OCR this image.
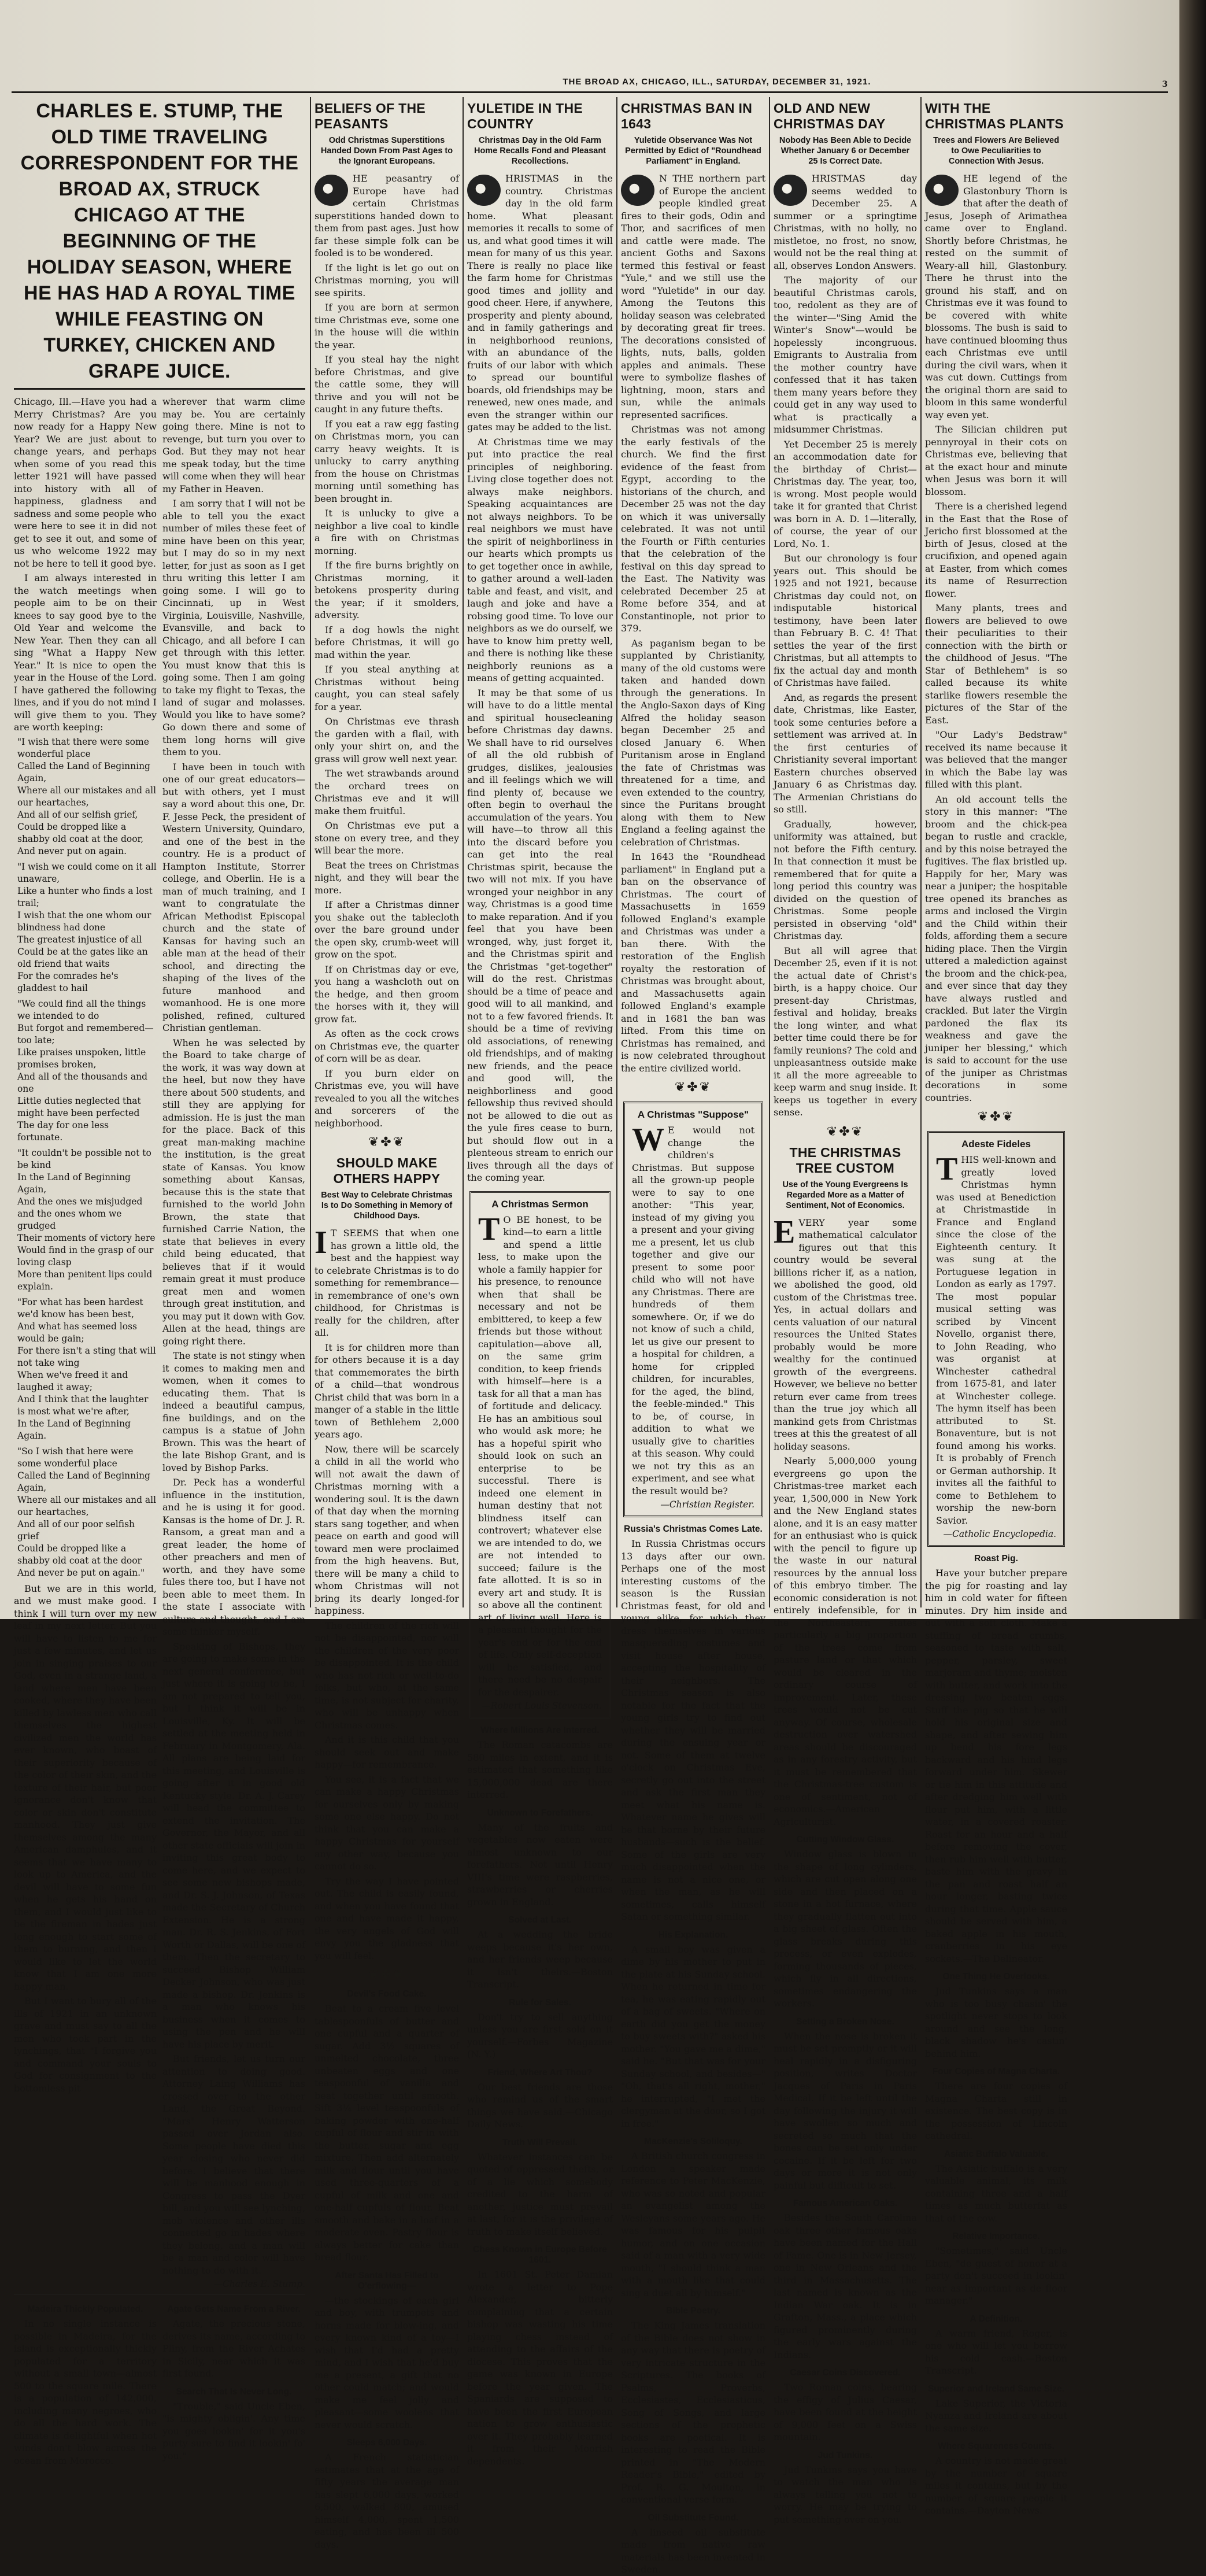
THE BROAD AX, CHICAGO, ILL., SATURDAY, DECEMBER 31, 1921.	3
CHARLES E. STUMP, THE OLD TIME TRAVELING CORRESPONDENT FOR THE BROAD AX, STRUCK CHICAGO AT THE BEGINNING OF THE HOLIDAY SEASON, WHERE HE HAS HAD A ROYAL TIME WHILE FEASTING ON TURKEY, CHICKEN AND GRAPE JUICE.

Chicago, Ill.—Have you had a Merry Christmas? Are you now ready for a Happy New Year? We are just about to change years, and perhaps when some of you read this letter 1921 will have passed into history with all of happiness, gladness and sadness and some people who were here to see it in did not get to see it out, and some of us who welcome 1922 may not be here to tell it good bye.

I am always interested in the watch meetings when people aim to be on their knees to say good bye to the Old Year and welcome the New Year. Then they can all sing "What a Happy New Year." It is nice to open the year in the House of the Lord. I have gathered the following lines, and if you do not mind I will give them to you. They are worth keeping:

"I wish that there were some wonderful place
Called the Land of Beginning Again,
Where all our mistakes and all our heartaches,
And all of our selfish grief,
Could be dropped like a shabby old coat at the door,
And never put on again.
"I wish we could come on it all unaware,
Like a hunter who finds a lost trail;
I wish that the one whom our blindness had done
The greatest injustice of all
Could be at the gates like an old friend that waits
For the comrades he's gladdest to hail
"We could find all the things we intended to do
But forgot and remembered—too late;
Like praises unspoken, little promises broken,
And all of the thousands and one
Little duties neglected that might have been perfected
The day for one less fortunate.
"It couldn't be possible not to be kind
In the Land of Beginning Again,
And the ones we misjudged and the ones whom we grudged
Their moments of victory here
Would find in the grasp of our loving clasp
More than penitent lips could explain.
"For what has been hardest we'd know has been best,
And what has seemed loss would be gain;
For there isn't a sting that will not take wing
When we've freed it and laughed it away;
And I think that the laughter is most what we're after,
In the Land of Beginning Again.
"So I wish that here were some wonderful place
Called the Land of Beginning Again,
Where all our mistakes and all our heartaches,
And all of our poor selfish grief
Could be dropped like a shabby old coat at the door
And never be put on again."

But we are in this world, and we must make good. I think I will turn over my new leaf in my next letter. But you will have to listen to me for just a few minutes, and let us join in singing praises to our God, even in a strange land, a land where men have been cooked, where they have been killed by lawless men who call themselves the highest civilized men the world has ever known, who boast of their superiority because of the color of their skin, and the texture of their hair, but poor ignorance don't know that color or skin don't constitute manhood. They just give themselves among the many American damphules, and it seems that we have many to look up to America, and the devil will have to some fun when he gets his hand on them, and I would just like to be the fireman in hades just long enough to start some of them to burning, and then I would like to let the world know that I am one more happy man.

But I want to bury all of the ills of 1921 in an unknown grave and must say to all the men who took part in the lynchings, that "I forgive you and command your souls to God for consignment to the bottomless pit

wherever that warm clime may be. You are certainly going there. Mine is not to revenge, but turn you over to God. But they may not hear me speak today, but the time will come when they will hear my Father in Heaven.

I am sorry that I will not be able to tell you the exact number of miles these feet of mine have been on this year, but I may do so in my next letter, for just as soon as I get thru writing this letter I am going some. I will go to Cincinnati, up in West Virginia, Louisville, Nashville, Evansville, and back to Chicago, and all before I can get through with this letter. You must know that this is going some. Then I am going to take my flight to Texas, the land of sugar and molasses. Would you like to have some? Go down there and some of them long horns will give them to you.

I have been in touch with one of our great educators—but with others, yet I must say a word about this one, Dr. F. Jesse Peck, the president of Western University, Quindaro, and one of the best in the country. He is a product of Hampton Institute, Storrer college, and Oberlin. He is a man of much training, and I want to congratulate the African Methodist Episcopal church and the state of Kansas for having such an able man at the head of their school, and directing the shaping of the lives of the future manhood and womanhood. He is one more polished, refined, cultured Christian gentleman.

When he was selected by the Board to take charge of the work, it was way down at the heel, but now they have there about 500 students, and still they are applying for admission. He is just the man for the place. Back of this great man-making machine the institution, is the great state of Kansas. You know something about Kansas, because this is the state that furnished to the world John Brown, the state that furnished Carrie Nation, the state that believes in every child being educated, that believes that if it would remain great it must produce great men and women through great institution, and you may put it down with Gov. Allen at the head, things are going right there.

The state is not stingy when it comes to making men and women, when it comes to educating them. That is indeed a beautiful campus, fine buildings, and on the campus is a statue of John Brown. This was the heart of the late Bishop Grant, and is loved by Bishop Parks.

Dr. Peck has a wonderful influence in the institution, and he is using it for good. Kansas is the home of Dr. J. R. Ransom, a great man and a great leader, the home of other preachers and men of worth, and they have some fules there too, but I have not been able to meet them. In the state I associate with culture and thought, and I am some thinker myself.

Speaking of Bishops, they are going to make some in the next general conference, but just where it is going to be, I am not prepared to tell you, but I think it will be in Louisville, Ky. It will be settled at the meeting held in February in Montgomery, Ala. All plans are being laid for this meeting, and Louisville is going after it in good old Kentucky style. Dr. A. J. Carey will head the committee to extend the invitation. The Governor, the Mayor, and all other state officials will join in inviting this great body to come here, and we expect to see some new bishops made, and Dr. S. J. Johnson, of Texas made the Secretary of Church Extension. He is a strong man. Dr. R. S. Jenkins, of Fort Worth or Dallas, will be one of them. Then the secretary to succeed Bishop William Decker Johnson, who was just made a bishop. Dr. Jenkins is a man who knows his business when it comes to using the pen and he will have his place by merit.

But friends, let us turn our attention to doing good. Attorney Laing Williams has crossed over to the other Land, the Great Beyond. "Mars" Henry Watterson passed over Jordan also. Some people have died this year closing who never did before. I believe that there will be manhood enough in Congress to pass the Dyer bill, and you will see lynching, mob violence and other ills connected go in hades where they belong, and a man will be a man and color will have nothing to do with it.

—Charles E. Stump.
Madeira Thickly Populated.

In no single instance is possible in Madeira, for the island is exceptionally thickly populated for a territory without a small town—almost 500 to the square mile. There is a population of 142,000, including many negroes, who do all the hard work. The climate is delightful when hot winds don't blow across the ocean from Morocco.

Agate Gets Name From a River.

Agate, the precious stone, derives its name, according to Pliny, from the River Achates in Sicily, near which it was first found.

Search That Is Never Long.

"Trouble," said Uncle Eben, "is mighty obligin'. Any time you goes lookin' for it you's purty sure to find it lookin' fo' you."

BELIEFS OF THE PEASANTS
Odd Christmas Superstitions Handed Down From Past Ages to the Ignorant Europeans.

HE peasantry of Europe have had certain Christmas superstitions handed down to them from past ages. Just how far these simple folk can be fooled is to be wondered.

If the light is let go out on Christmas morning, you will see spirits.

If you are born at sermon time Christmas eve, some one in the house will die within the year.

If you steal hay the night before Christmas, and give the cattle some, they will thrive and you will not be caught in any future thefts.

If you eat a raw egg fasting on Christmas morn, you can carry heavy weights. It is unlucky to carry anything from the house on Christmas morning until something has been brought in.

It is unlucky to give a neighbor a live coal to kindle a fire with on Christmas morning.

If the fire burns brightly on Christmas morning, it betokens prosperity during the year; if it smolders, adversity.

If a dog howls the night before Christmas, it will go mad within the year.

If you steal anything at Christmas without being caught, you can steal safely for a year.

On Christmas eve thrash the garden with a flail, with only your shirt on, and the grass will grow well next year.

The wet strawbands around the orchard trees on Christmas eve and it will make them fruitful.

On Christmas eve put a stone on every tree, and they will bear the more.

Beat the trees on Christmas night, and they will bear the more.

If after a Christmas dinner you shake out the tablecloth over the bare ground under the open sky, crumb-weet will grow on the spot.

If on Christmas day or eve, you hang a washcloth out on the hedge, and then groom the horses with it, they will grow fat.

As often as the cock crows on Christmas eve, the quarter of corn will be as dear.

If you burn elder on Christmas eve, you will have revealed to you all the witches and sorcerers of the neighborhood.

❦✤❦
SHOULD MAKE OTHERS HAPPY
Best Way to Celebrate Christmas Is to Do Something in Memory of Childhood Days.
I T SEEMS that when one has grown a little old, the best and the happiest way to celebrate Christmas is to do something for remembrance—in remembrance of one's own childhood, for Christmas is really for the children, after all.

It is for children more than for others because it is a day that commemorates the birth of a child—that wondrous Christ child that was born in a manger of a stable in the little town of Bethlehem 2,000 years ago.

Now, there will be scarcely a child in all the world who will not await the dawn of Christmas morning with a wondering soul. It is the dawn of that day when the morning stars sang together, and when peace on earth and good will toward men were proclaimed from the high heavens. But, there will be many a child to whom Christmas will not bring its dearly longed-for happiness.

The children of the rich will not be disappointed, nor will the children of the very poor be disappointed. It is the child who has not rich or well-to-do folks, but who, at the same time, is not subject for charity, who will be unhappy when Christmas comes.

And it is this child that you should seek out and make happy—for remembrance.

You see, it is a fact that we can make a happy Christmas for ourselves only by making some one else happy. Do not think that you can make a happy Christmas for yourself any other way, because you cannot do so.

Try the way I have pointed out. The child is easily found, and when you have found that one and have made it happy, the very angels of God will envy you the gladness that you will feel.

❦✤❦
Devil's Food Cake.

Beat to a cream five level tablespoonfuls of butter and one cupful and a quarter of sugar. Add 3½ squares of unmelted chocolate, three unbeaten eggs and one teaspoonful of vanilla and beat together until smooth. Sift 3¼ level teaspoonfuls of baking powder with one-half cupful of flour and stir in with the butter, sugar and egg mixture. Then add alternately milk and flour until you have used three-quarters of a cupful of milk and one and one-half cupfuls of flour. Beat smooth and bake in a loaf in a moderate oven. Pastry flour is always better for cake than bread flour.

After Santa Has Filled to O'erflowing—

—the stockings of each girl and boy, with trumpets and horns made for blow-ing, and every known kind of a toy—I wish that I'd had a pretty mind, and I wish that he'd buy me a present, a gift that no other could match; and would make me feel jolly and pleasant—some woolens that never would scratch.

Sleeps 6,000 Days.

A French statistician estimates that at the age of fifty years the average man has slept 6,000 days, worked 6,500, walked 800, amused himself 4,000, spent 1,500 eating, and has been ill 500 days.

YULETIDE IN THE COUNTRY
Christmas Day in the Old Farm Home Recalls Fond and Pleasant Recollections.

HRISTMAS in the country. Christmas day in the old farm home. What pleasant memories it recalls to some of us, and what good times it will mean for many of us this year. There is really no place like the farm home for Christmas good times and jollity and good cheer. Here, if anywhere, prosperity and plenty abound, and in family gatherings and in neighborhood reunions, with an abundance of the fruits of our labor with which to spread our bountiful boards, old friendships may be renewed, new ones made, and even the stranger within our gates may be added to the list.

At Christmas time we may put into practice the real principles of neighboring. Living close together does not always make neighbors. Speaking acquaintances are not always neighbors. To be real neighbors we must have the spirit of neighborliness in our hearts which prompts us to get together once in awhile, to gather around a well-laden table and feast, and visit, and laugh and joke and have a robsing good time. To love our neighbors as we do ourself, we have to know him pretty well, and there is nothing like these neighborly reunions as a means of getting acquainted.

It may be that some of us will have to do a little mental and spiritual housecleaning before Christmas day dawns. We shall have to rid ourselves of all the old rubbish of grudges, dislikes, jealousies and ill feelings which we will find plenty of, because we often begin to overhaul the accumulation of the years. You will have—to throw all this into the discard before you can get into the real Christmas spirit, because the two will not mix. If you have wronged your neighbor in any way, Christmas is a good time to make reparation. And if you feel that you have been wronged, why, just forget it, and the Christmas spirit and the Christmas "get-together" will do the rest. Christmas should be a time of peace and good will to all mankind, and not to a few favored friends. It should be a time of reviving old associations, of renewing old friendships, and of making new friends, and the peace and good will, the neighborliness and good fellowship thus revived should not be allowed to die out as the yule fires cease to burn, but should flow out in a plenteous stream to enrich our lives through all the days of the coming year.

A Christmas Sermon
T O BE honest, to be kind—to earn a little and spend a little less, to make upon the whole a family happier for his presence, to renounce when that shall be necessary and not be embittered, to keep a few friends but those without capitulation—above all, on the same grim condition, to keep friends with himself—here is a task for all that a man has of fortitude and delicacy. He has an ambitious soul who would ask more; he has a hopeful spirit who should look on such an enterprise to be successful. There is indeed one element in human destiny that not blindness itself can controvert; whatever else we are intended to do, we are not intended to succeed; failure is the fate allotted. It is so in every art and study. It is so above all the continent art of living well. Here is a pleasant thought for the year's end or for the end of life. Only self-deception will be satisfied, and there need be no despair for the despairer.

—Robert Louis Stevenson.
Where Millions Are Interred.

The Roman catacombs are 580 miles in extent, and it is estimated that something like 15,000,000 dead are there interred.

Unknown to Forefathers.

Many of the fruits and vegetables now eaten were almost unknown to our forefathers. Not until Henry VIII's time were raspberries, strawberries or cherries grown in England.

Solved at Last.

At a wedding the bride weeps because it's her own, and her friends weep because it isn't theirs.—Boston Transcript.

Rule for Sales.

Don't try to sell anything unless you are first sold on it yourself.—Forbes Magazine (N. Y.)

Friend, Where Art Thou?

Our best friends are those who remind us of the smart things we have said.—Chicago Daily News.

Truth Will Prevail.

Whatever instances can be quoted of oppressed thefts, or of a lie which somebody credited to the harm of another, justice must prevail at last, for it is the privilege of truth to make itself believed.

Chess Known in Europe Before 1601.

In 1601 St. Peter Damian wrote a letter to Pope Alexander, bitterly complaining that a certain bishop was wasting his time playing chess instead of attending to the affairs of the diocese. This proves that the game was known in Europe before the year given. The Spaniards are supposed to have been the first European nation to grow enthusiastic over it. They probably learned it from their Moorish dependents.

CHRISTMAS BAN IN 1643
Yuletide Observance Was Not Permitted by Edict of "Roundhead Parliament" in England.

N THE northern part of Europe the ancient people kindled great fires to their gods, Odin and Thor, and sacrifices of men and cattle were made. The ancient Goths and Saxons termed this festival or feast "Yule," and we still use the word "Yuletide" in our day. Among the Teutons this holiday season was celebrated by decorating great fir trees. The decorations consisted of lights, nuts, balls, golden apples and animals. These were to symbolize flashes of lightning, moon, stars and sun, while the animals represented sacrifices.

Christmas was not among the early festivals of the church. We find the first evidence of the feast from Egypt, according to the historians of the church, and December 25 was not the day on which it was universally celebrated. It was not until the Fourth or Fifth centuries that the celebration of the festival on this day spread to the East. The Nativity was celebrated December 25 at Rome before 354, and at Constantinople, not prior to 379.

As paganism began to be supplanted by Christianity, many of the old customs were taken and handed down through the generations. In the Anglo-Saxon days of King Alfred the holiday season began December 25 and closed January 6. When Puritanism arose in England the fate of Christmas was threatened for a time, and even extended to the country, since the Puritans brought along with them to New England a feeling against the celebration of Christmas.

In 1643 the "Roundhead parliament" in England put a ban on the observance of Christmas. The court of Massachusetts in 1659 followed England's example and Christmas was under a ban there. With the restoration of the English royalty the restoration of Christmas was brought about, and Massachusetts again followed England's example and in 1681 the ban was lifted. From this time on Christmas has remained, and is now celebrated throughout the entire civilized world.

❦✤❦
A Christmas "Suppose"
W E would not change the children's Christmas. But suppose all the grown-up people were to say to one another: "This year, instead of my giving you a present and your giving me a present, let us club together and give our present to some poor child who will not have any Christmas. There are hundreds of them somewhere. Or, if we do not know of such a child, let us give our present to a hospital for children, a home for crippled children, for incurables, for the aged, the blind, the feeble-minded." This to be, of course, in addition to what we usually give to charities at this season. Why could we not try this as an experiment, and see what the result would be?

—Christian Register.
Russia's Christmas Comes Late.

In Russia Christmas occurs 13 days after our own. Perhaps one of the most interesting customs of the season is the Russian Christmas feast, for old and young alike, for which they dress themselves in various masquerading costumes and visit house after house, accepting the hospitality of their neighbors. The Christmas season is also notable for the fact that the young girls try to find out whether they will be married during the ensuing year or not. Some of them at twelve o'clock on Christmas Eve, secretly go out into the street and ask the first man they meet what his name is. Whatever name he gives will be that borne by their future husbands—such is the belief. Some of the girls are very much disappointed when the name is not a nice one, or when the man, as he will sometimes, calls himself Satan or something similar.

His Explanation.

A small boy was given a dime by his mother to put in the plate at his Sunday school. When he returned in time for tea, he was eating rapidly out of a bag of sweets. "Where on earth did you get the money to buy sweets with?" asked his mother. "You gave me a dime," said he. "But that was for your Sunday school, and besides—" "Oh, that's all right, mother," he interrupted, "I met the clergyman at the door, so I got in free."

MacKenzie's Soliloquy.

A British church congress in London a speaker made reference to Peter MacKenzie, who was so noted and popular an evangelist among the Wesleyans some years ago. He was famous for his pulpit humor, and on one occasion said of a man with a very wide mouth, "I should think a man with a mouth like that could sing a duet all by himself."

Bible Poetry.

The King James translation of the Bible does not show in any way that there is poetry of very intricate structure in the Scriptures. The books of Psalms, Proverbs, Ecclesiastes, Ecclesiasticus, Song of Songs, and large sections of the prophetic books are poetical. It is interesting to read the Bible printed in "The Modern Reader's Bible," edited by Prof. R. G. Moulton, in conventional verse form.

Oil Substitute Found.

A linseed oil substitute made from native raw materials has been invented in Sweden.

OLD AND NEW CHRISTMAS DAY
Nobody Has Been Able to Decide Whether January 6 or December 25 Is Correct Date.

HRISTMAS day seems wedded to December 25. A summer or a springtime Christmas, with no holly, no mistletoe, no frost, no snow, would not be the real thing at all, observes London Answers.

The majority of our beautiful Christmas carols, too, redolent as they are of the winter—"Sing Amid the Winter's Snow"—would be hopelessly incongruous. Emigrants to Australia from the mother country have confessed that it has taken them many years before they could get in any way used to what is practically a midsummer Christmas.

Yet December 25 is merely an accommodation date for the birthday of Christ—Christmas day. The year, too, is wrong. Most people would take it for granted that Christ was born in A. D. 1—literally, of course, the year of our Lord, No. 1.

But our chronology is four years out. This should be 1925 and not 1921, because Christmas day could not, on indisputable historical testimony, have been later than February B. C. 4! That settles the year of the first Christmas, but all attempts to fix the actual day and month of Christmas have failed.

And, as regards the present date, Christmas, like Easter, took some centuries before a settlement was arrived at. In the first centuries of Christianity several important Eastern churches observed January 6 as Christmas day. The Armenian Christians do so still.

Gradually, however, uniformity was attained, but not before the Fifth century. In that connection it must be remembered that for quite a long period this country was divided on the question of Christmas. Some people persisted in observing "old" Christmas day.

But all will agree that December 25, even if it is not the actual date of Christ's birth, is a happy choice. Our present-day Christmas, festival and holiday, breaks the long winter, and what better time could there be for family reunions? The cold and unpleasantness outside make it all the more agreeable to keep warm and snug inside. It keeps us together in every sense.

❦✤❦
THE CHRISTMAS TREE CUSTOM
Use of the Young Evergreens Is Regarded More as a Matter of Sentiment, Not of Economics.
E VERY year some mathematical calculator figures out that this country would be several billions richer if, as a nation, we abolished the good, old custom of the Christmas tree. Yes, in actual dollars and cents valuation of our natural resources the United States probably would be more wealthy for the continued growth of the evergreens. However, we believe no better return ever came from trees than the true joy which all mankind gets from Christmas trees at this the greatest of all holiday seasons.

Nearly 5,000,000 young evergreens go upon the Christmas-tree market each year, 1,500,000 in New York and the New England states alone, and it is an easy matter for an enthusiast who is quick with the pencil to figure up the waste in our natural resources by the annual loss of this embryo timber. The economic consideration is not entirely indefensible, for in the Northeastern states particularly a big proportion of the trees come from pasture land or that which would be cleared in the ordinary course of improvement. Later, these trees would not be cut anyway. Of course, wholesale destruction over watershed areas should be discouraged as in any forestry activity, but it must be remembered that the Christmas-tree custom is one of sentiment, not of economics.—American Agriculturist.

Cutting Window Glass.

Window glass is blown in the shape of long cylinders, which are cut open along one side and then placed on a stone in a hot furnace, where they gradually flatten out into a big sheet of glass. Often the glass breaks during this process, or even explodes, forming thousands of pieces, which fly in all directions, sometimes endangering the workers.

Setting a Broken Nose.

When the nose is broken it must be set promptly or it will heal rapidly in a disfiguring position, writes Doctor Jacques of Paris in Paris Medical. If it be left until the day following the injury it will have swollen so much and secreted so much that the bones can be set only under cocaine. If it be left for two days or more it is not only painful but difficult to set.

Famous American Oaks.

Besides the South Carolina oak three other famous oaks have been named for the Hall of Fame. One is in New Jersey, one in New Orleans and the third in Massachusetts. The last named is known as the Indian War oak. It is in Grafton, Mass., a place which figured prominently during the early wars against the Indians.

Caesar Coins Discovered.

Two Roman coins, bearing the effigy of Julius Caesar, have been found at the height of 9,000 feet on a Swiss mountain.

Jud Tunkins.

Jud Tunkins says you have to watch the man who is always telling you not to worry. He may be trying to put something over on you.

WITH THE CHRISTMAS PLANTS
Trees and Flowers Are Believed to Owe Peculiarities to Connection With Jesus.

HE legend of the Glastonbury Thorn is that after the death of Jesus, Joseph of Arimathea came over to England. Shortly before Christmas, he rested on the summit of Weary-all hill, Glastonbury. There he thrust into the ground his staff, and on Christmas eve it was found to be covered with white blossoms. The bush is said to have continued blooming thus each Christmas eve until during the civil wars, when it was cut down. Cuttings from the original thorn are said to bloom in this same wonderful way even yet.

The Silician children put pennyroyal in their cots on Christmas eve, believing that at the exact hour and minute when Jesus was born it will blossom.

There is a cherished legend in the East that the Rose of Jericho first blossomed at the birth of Jesus, closed at the crucifixion, and opened again at Easter, from which comes its name of Resurrection flower.

Many plants, trees and flowers are believed to owe their peculiarities to their connection with the birth or the childhood of Jesus. "The Star of Bethlehem" is so called because its white starlike flowers resemble the pictures of the Star of the East.

"Our Lady's Bedstraw" received its name because it was believed that the manger in which the Babe lay was filled with this plant.

An old account tells the story in this manner: "The broom and the chick-pea began to rustle and crackle, and by this noise betrayed the fugitives. The flax bristled up. Happily for her, Mary was near a juniper; the hospitable tree opened its branches as arms and inclosed the Virgin and the Child within their folds, affording them a secure hiding place. Then the Virgin uttered a malediction against the broom and the chick-pea, and ever since that day they have always rustled and crackled. But later the Virgin pardoned the flax its weakness and gave the juniper her blessing," which is said to account for the use of the juniper as Christmas decorations in some countries.

❦✤❦
Adeste Fideles
T HIS well-known and greatly loved Christmas hymn was used at Benediction at Christmastide in France and England since the close of the Eighteenth century. It was sung at the Portuguese legation in London as early as 1797. The most popular musical setting was scribed by Vincent Novello, organist there, to John Reading, who was organist at Winchester cathedral from 1675-81, and later at Winchester college. The hymn itself has been attributed to St. Bonaventure, but is not found among his works. It is probably of French or German authorship. It invites all the faithful to come to Bethlehem to worship the new-born Savior.

—Catholic Encyclopedia.
Roast Pig.

Have your butcher prepare the pig for roasting and lay him in cold water for fifteen minutes. Dry him inside and out with a soft cloth. Make a stuffing of bread crumbs, seasoned to taste with salt, pepper, parsley, sweet marjoram and thyme; moisten with butter, and work into the dressing two beaten eggs. Stuff the pig so that he will hold his original size and shape, and after sewing him up bend his fore legs backward and his hind legs forward under him. Skewer or tie him in this attitude and after dredging him well with flour put him, with a little water, in a covered roaster. Roast for an hour and a half before removing the cover, then rub him well with butter, baste him with the gravy in the pan and roast half an hour longer, basting twice during that time. Apple sauce should be served with him, a baked apple in his mouth, cranberries in his eye sockets.—The Delineator.

One Thing He Overlooks.

Jud Tunkins says a man who is too busy chasin' the spotlight never stops to look around and see the long, black shadow he's castin' behind him.

Four Copies of Magna Charta.

There are four copies of Magna Charta still in existence. The best copy is in the possession of Lincoln cathedral.

Asiatic Buffalo Valuable.

The Asiatic buffalo is a very valuable animal, its milk containing three and a half times as much butterfat as that of the cow.

Relative Importance.

"Sometimes," said Uncle Eben, "de guest of honor at a party don't succeed in lookin' near as important as de floor manager."

A Definition.

A warm friend, Roger, is one who will let you borrow his cold cash.—Boston Transcript.

Superior and Ireland Same Size.

Lake Superior, the Victoria Nyanza and Ireland are about the same size.

Where Squareness Counts.

A country is not made great by the number of square miles it contains, but by the number of square people it contains.—Dayton News.
